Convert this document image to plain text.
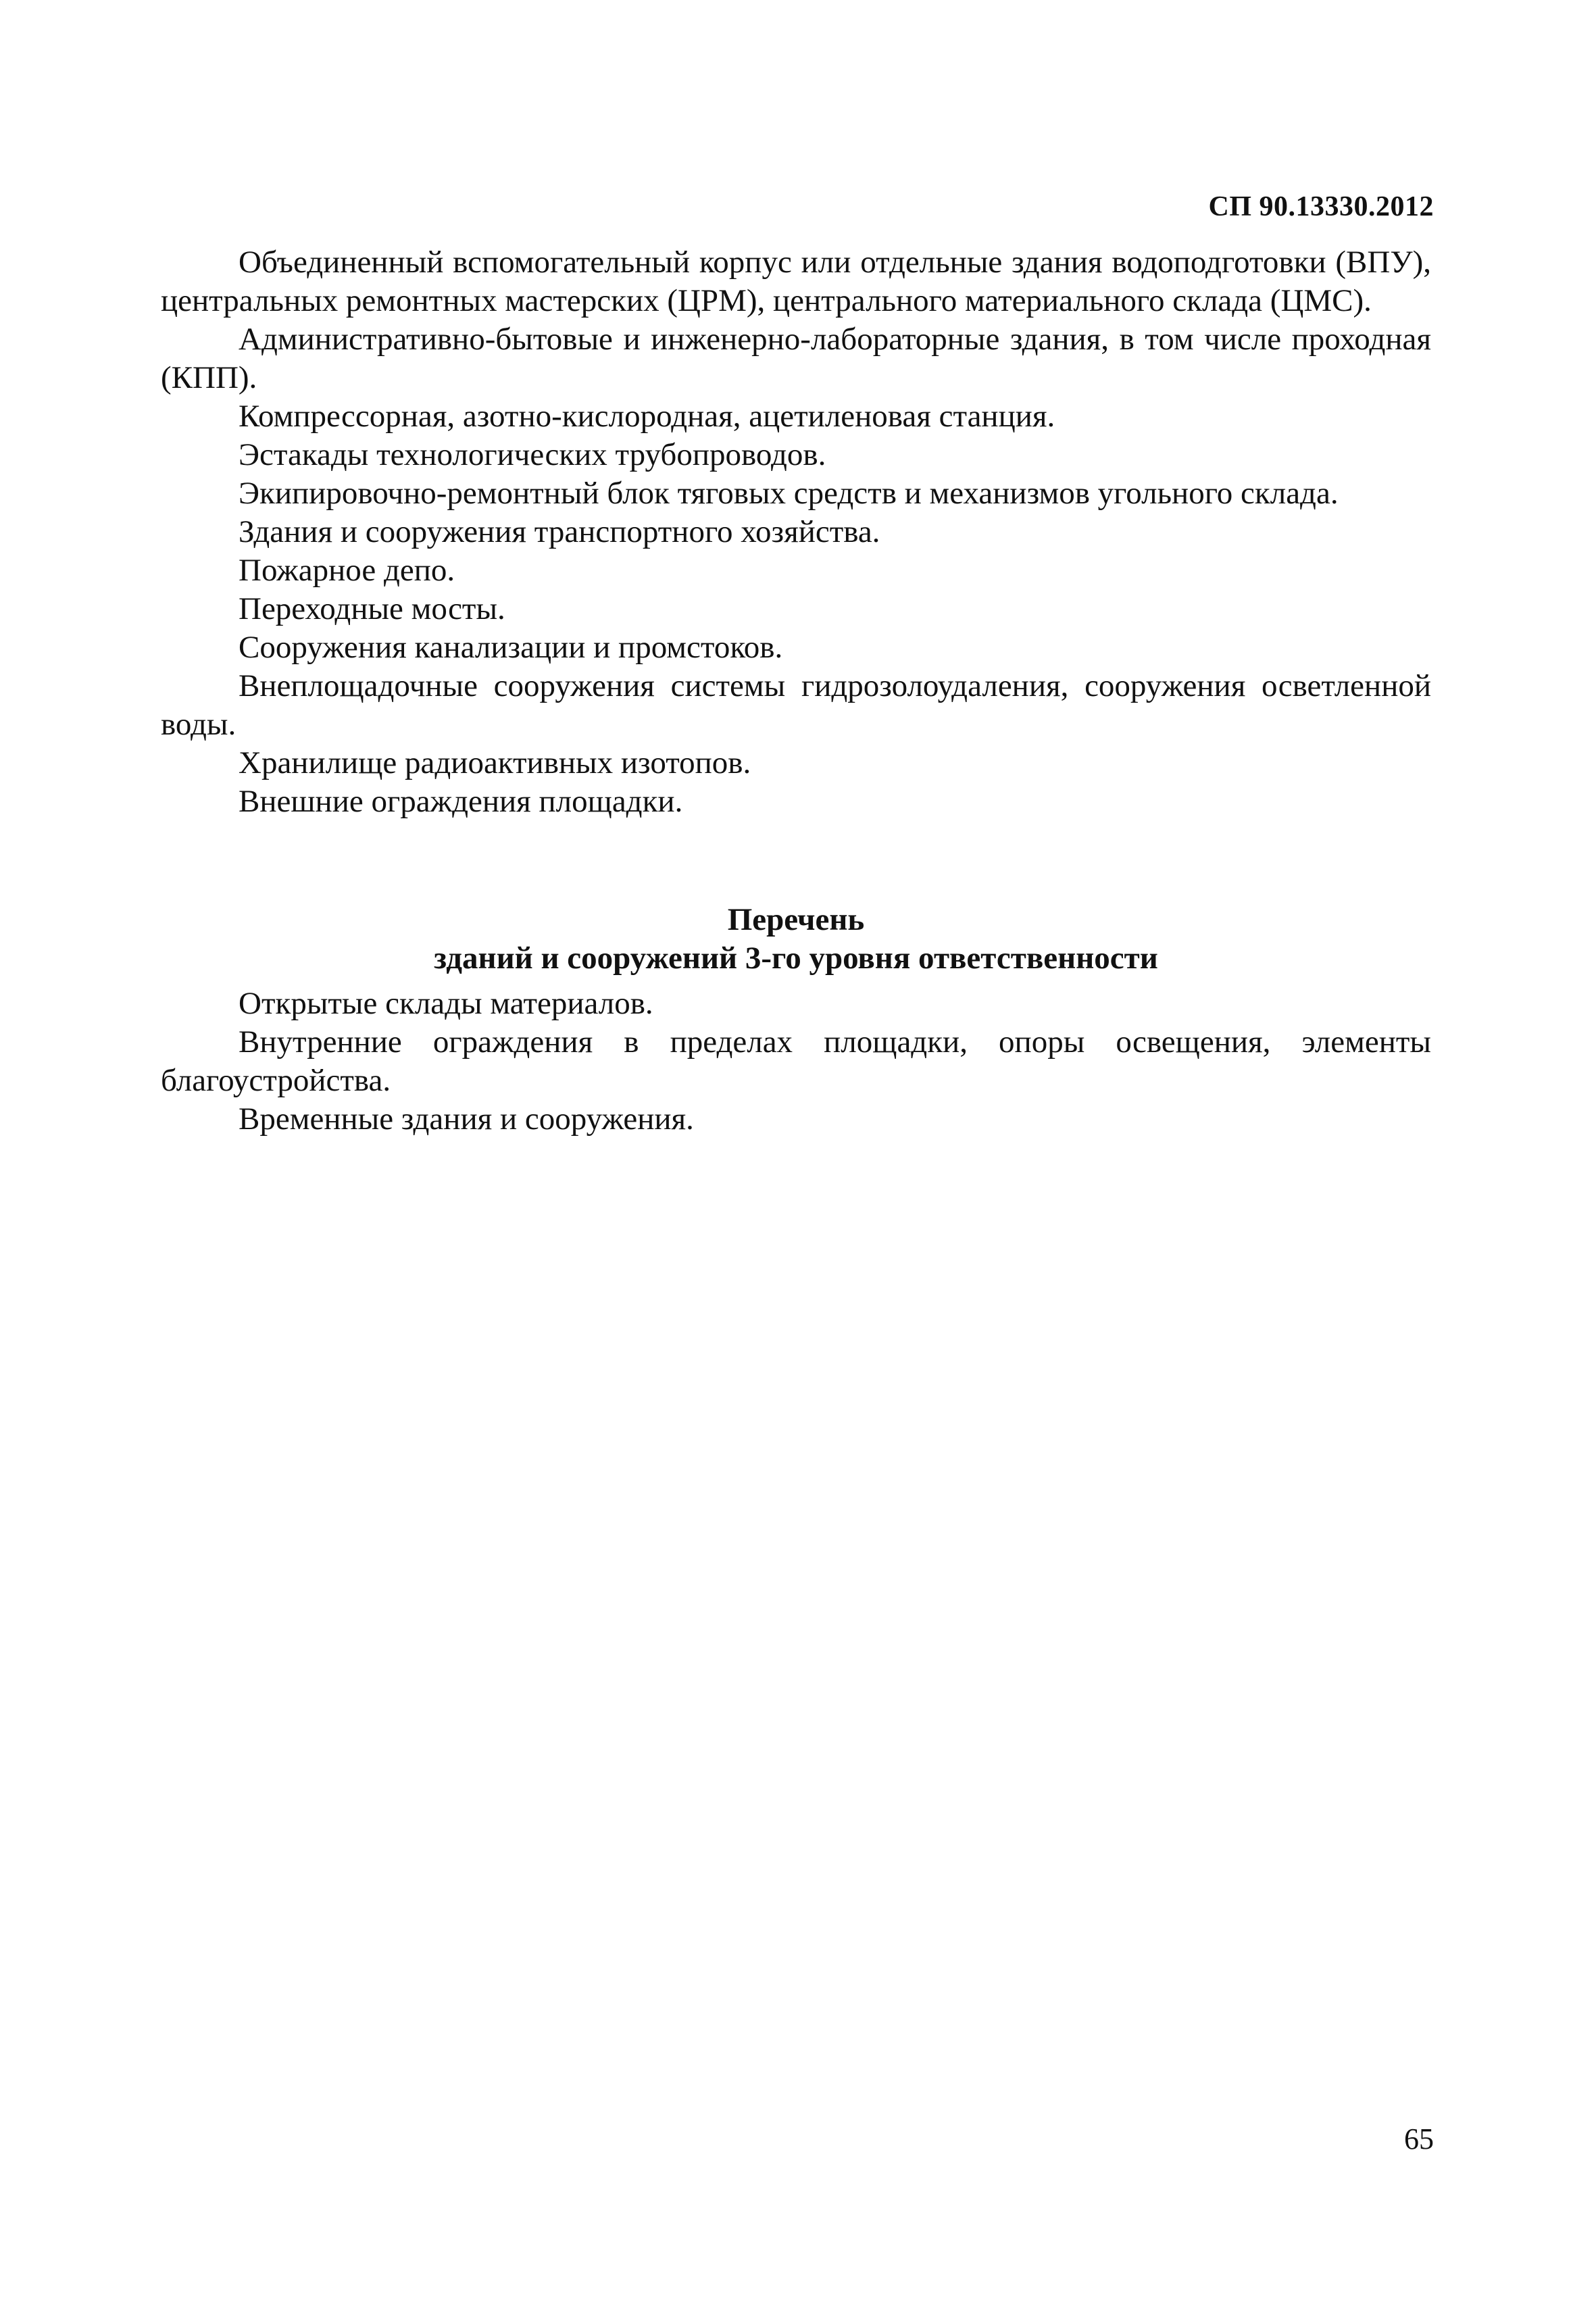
СП 90.13330.2012

Объединенный вспомогательный корпус или отдельные здания водоподготовки (ВПУ), центральных ремонтных мастерских (ЦРМ), центрального материального склада (ЦМС).

Административно-бытовые и инженерно-лабораторные здания, в том числе проходная (КПП).

Компрессорная, азотно-кислородная, ацетиленовая станция.

Эстакады технологических трубопроводов.

Экипировочно-ремонтный блок тяговых средств и механизмов угольного склада.

Здания и сооружения транспортного хозяйства.

Пожарное депо.

Переходные мосты.

Сооружения канализации и промстоков.

Внеплощадочные сооружения системы гидрозолоудаления, сооружения осветленной воды.

Хранилище радиоактивных изотопов.

Внешние ограждения площадки.

Перечень
зданий и сооружений 3-го уровня ответственности

Открытые склады материалов.

Внутренние ограждения в пределах площадки, опоры освещения, элементы благоустройства.

Временные здания и сооружения.

65
